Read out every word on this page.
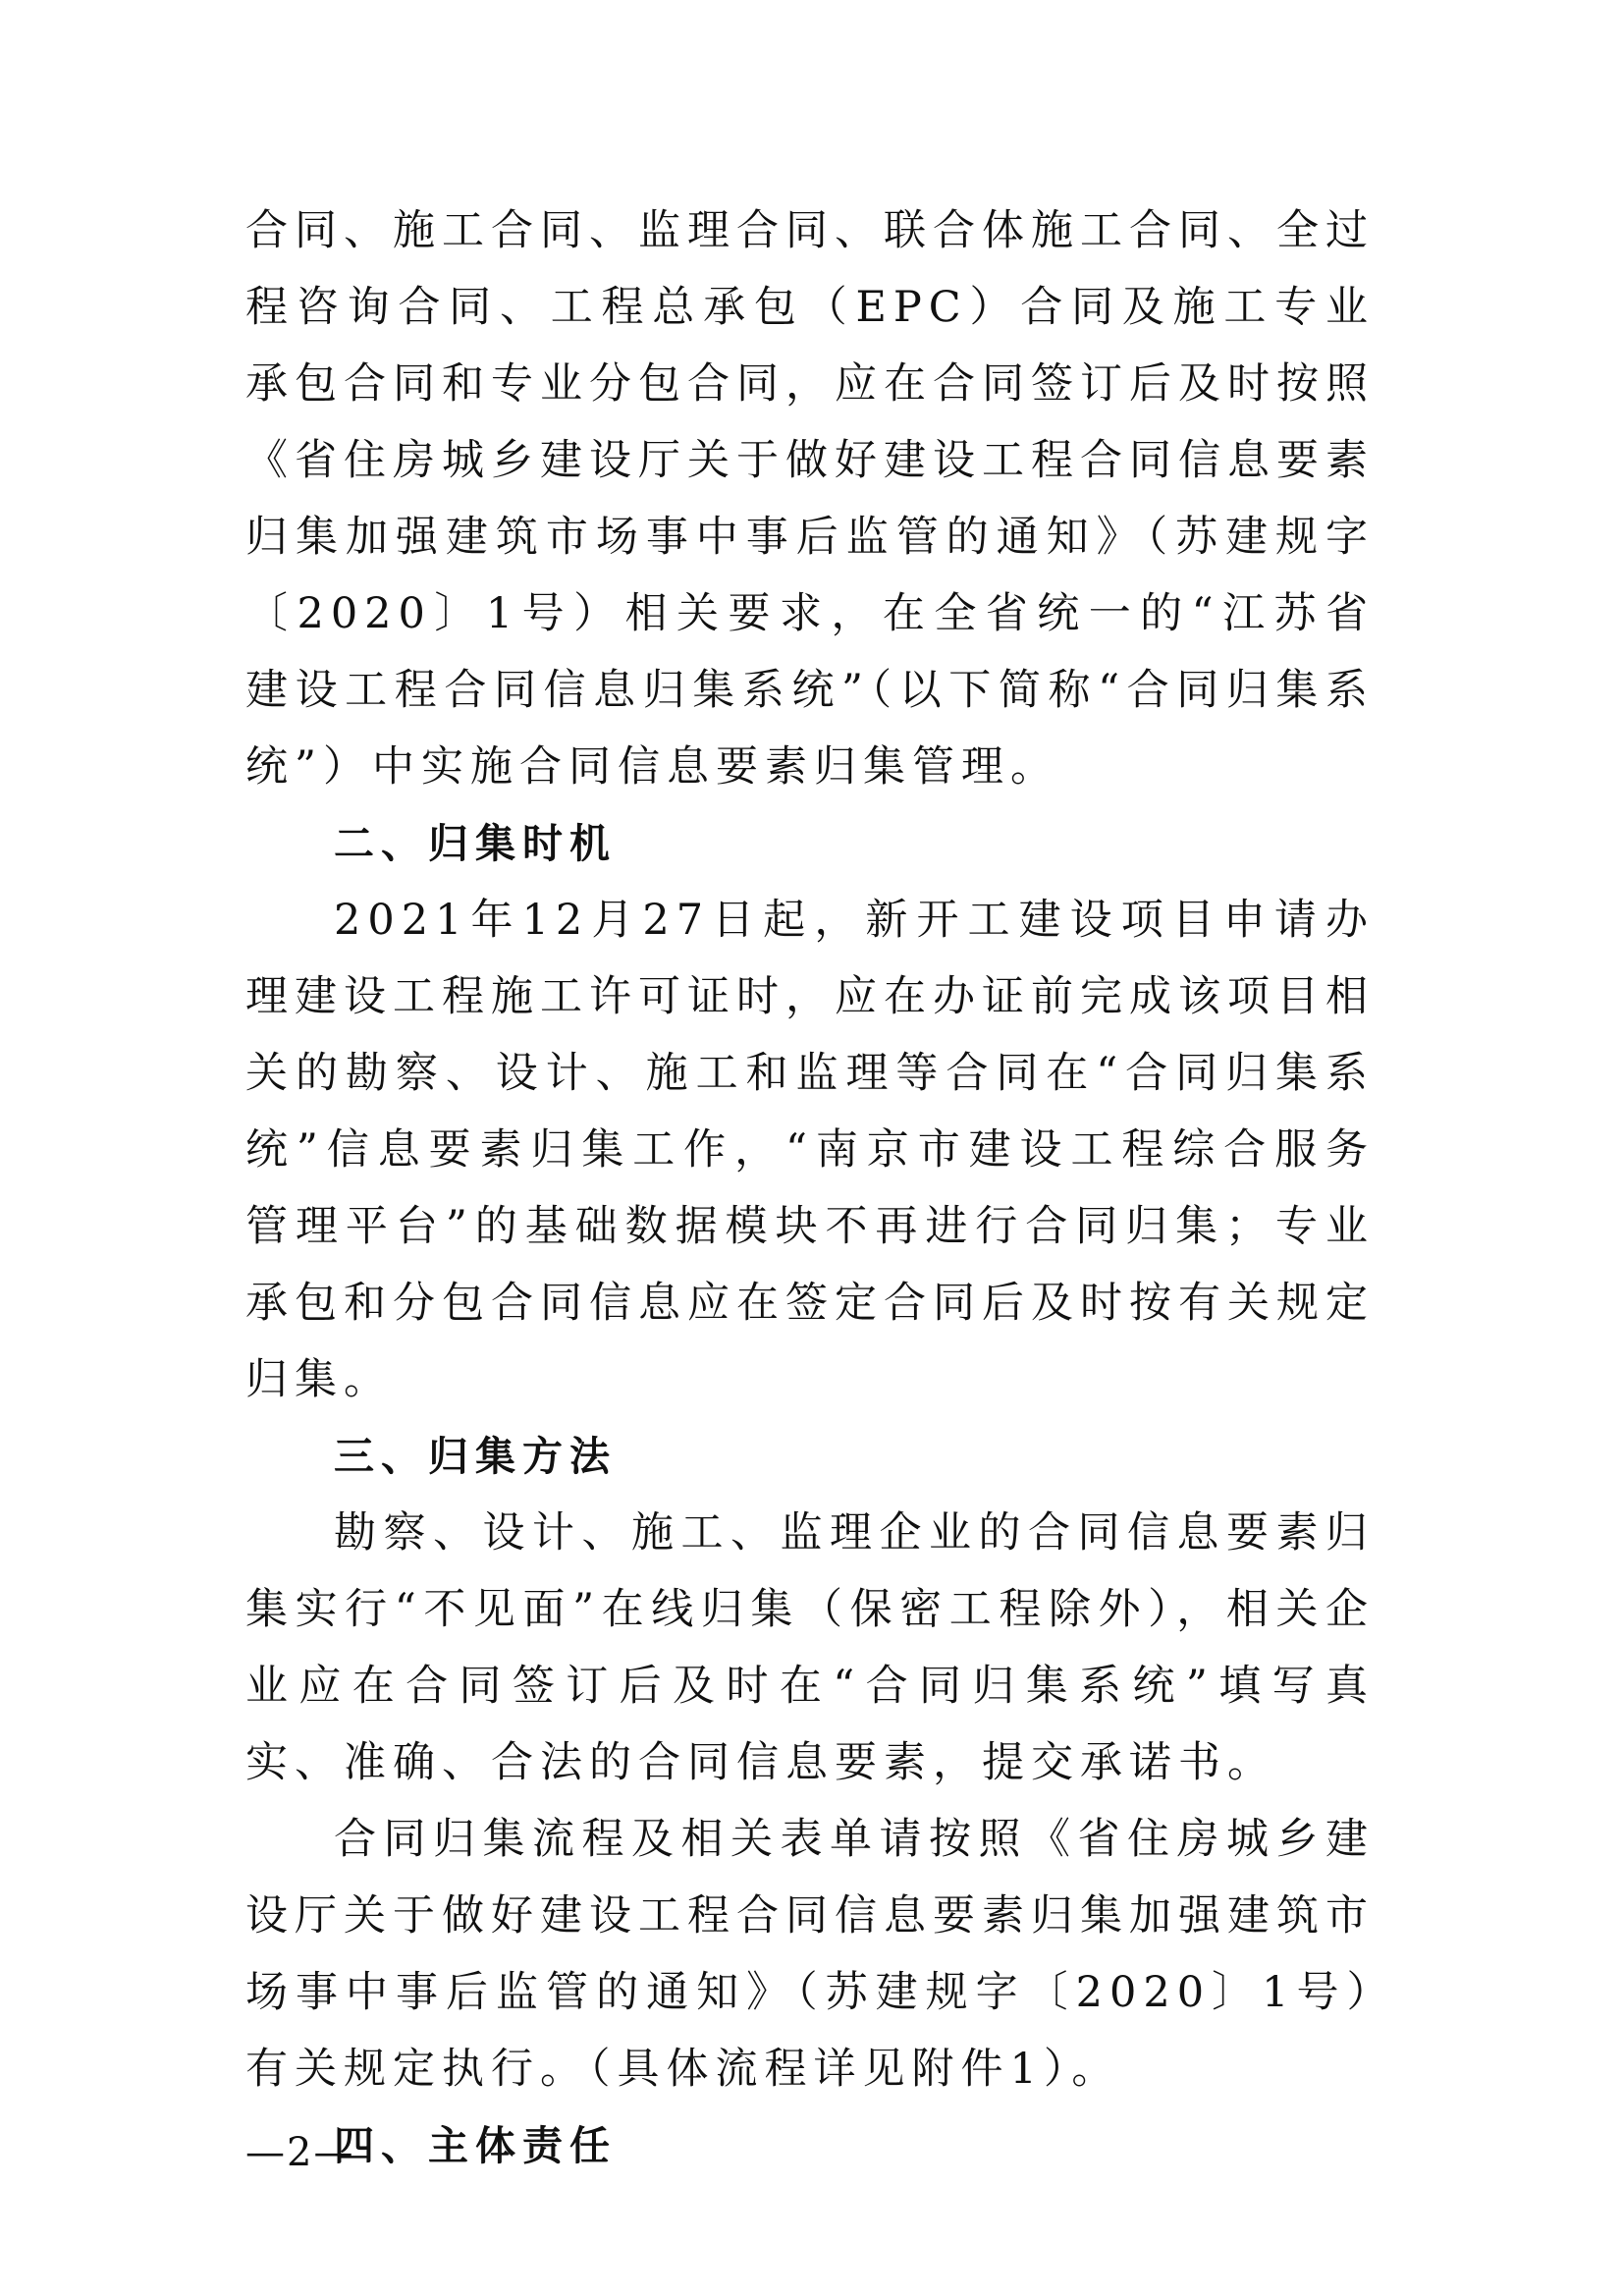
合同、施工合同、监理合同、联合体施工合同、全过程咨询合同、工程总承包（EPC）合同及施工专业承包合同和专业分包合同，应在合同签订后及时按照《省住房城乡建设厅关于做好建设工程合同信息要素归集加强建筑市场事中事后监管的通知》（苏建规字〔2020〕1号）相关要求，在全省统一的“江苏省建设工程合同信息归集系统”（以下简称“合同归集系统”）中实施合同信息要素归集管理。

二、归集时机

2021年12月27日起，新开工建设项目申请办理建设工程施工许可证时，应在办证前完成该项目相关的勘察、设计、施工和监理等合同在“合同归集系统”信息要素归集工作，“南京市建设工程综合服务管理平台”的基础数据模块不再进行合同归集；专业承包和分包合同信息应在签定合同后及时按有关规定归集。

三、归集方法

勘察、设计、施工、监理企业的合同信息要素归集实行“不见面”在线归集（保密工程除外），相关企业应在合同签订后及时在“合同归集系统”填写真实、准确、合法的合同信息要素，提交承诺书。

合同归集流程及相关表单请按照《省住房城乡建设厅关于做好建设工程合同信息要素归集加强建筑市场事中事后监管的通知》（苏建规字〔2020〕1号）有关规定执行。（具体流程详见附件1）。

四、主体责任

—2—
